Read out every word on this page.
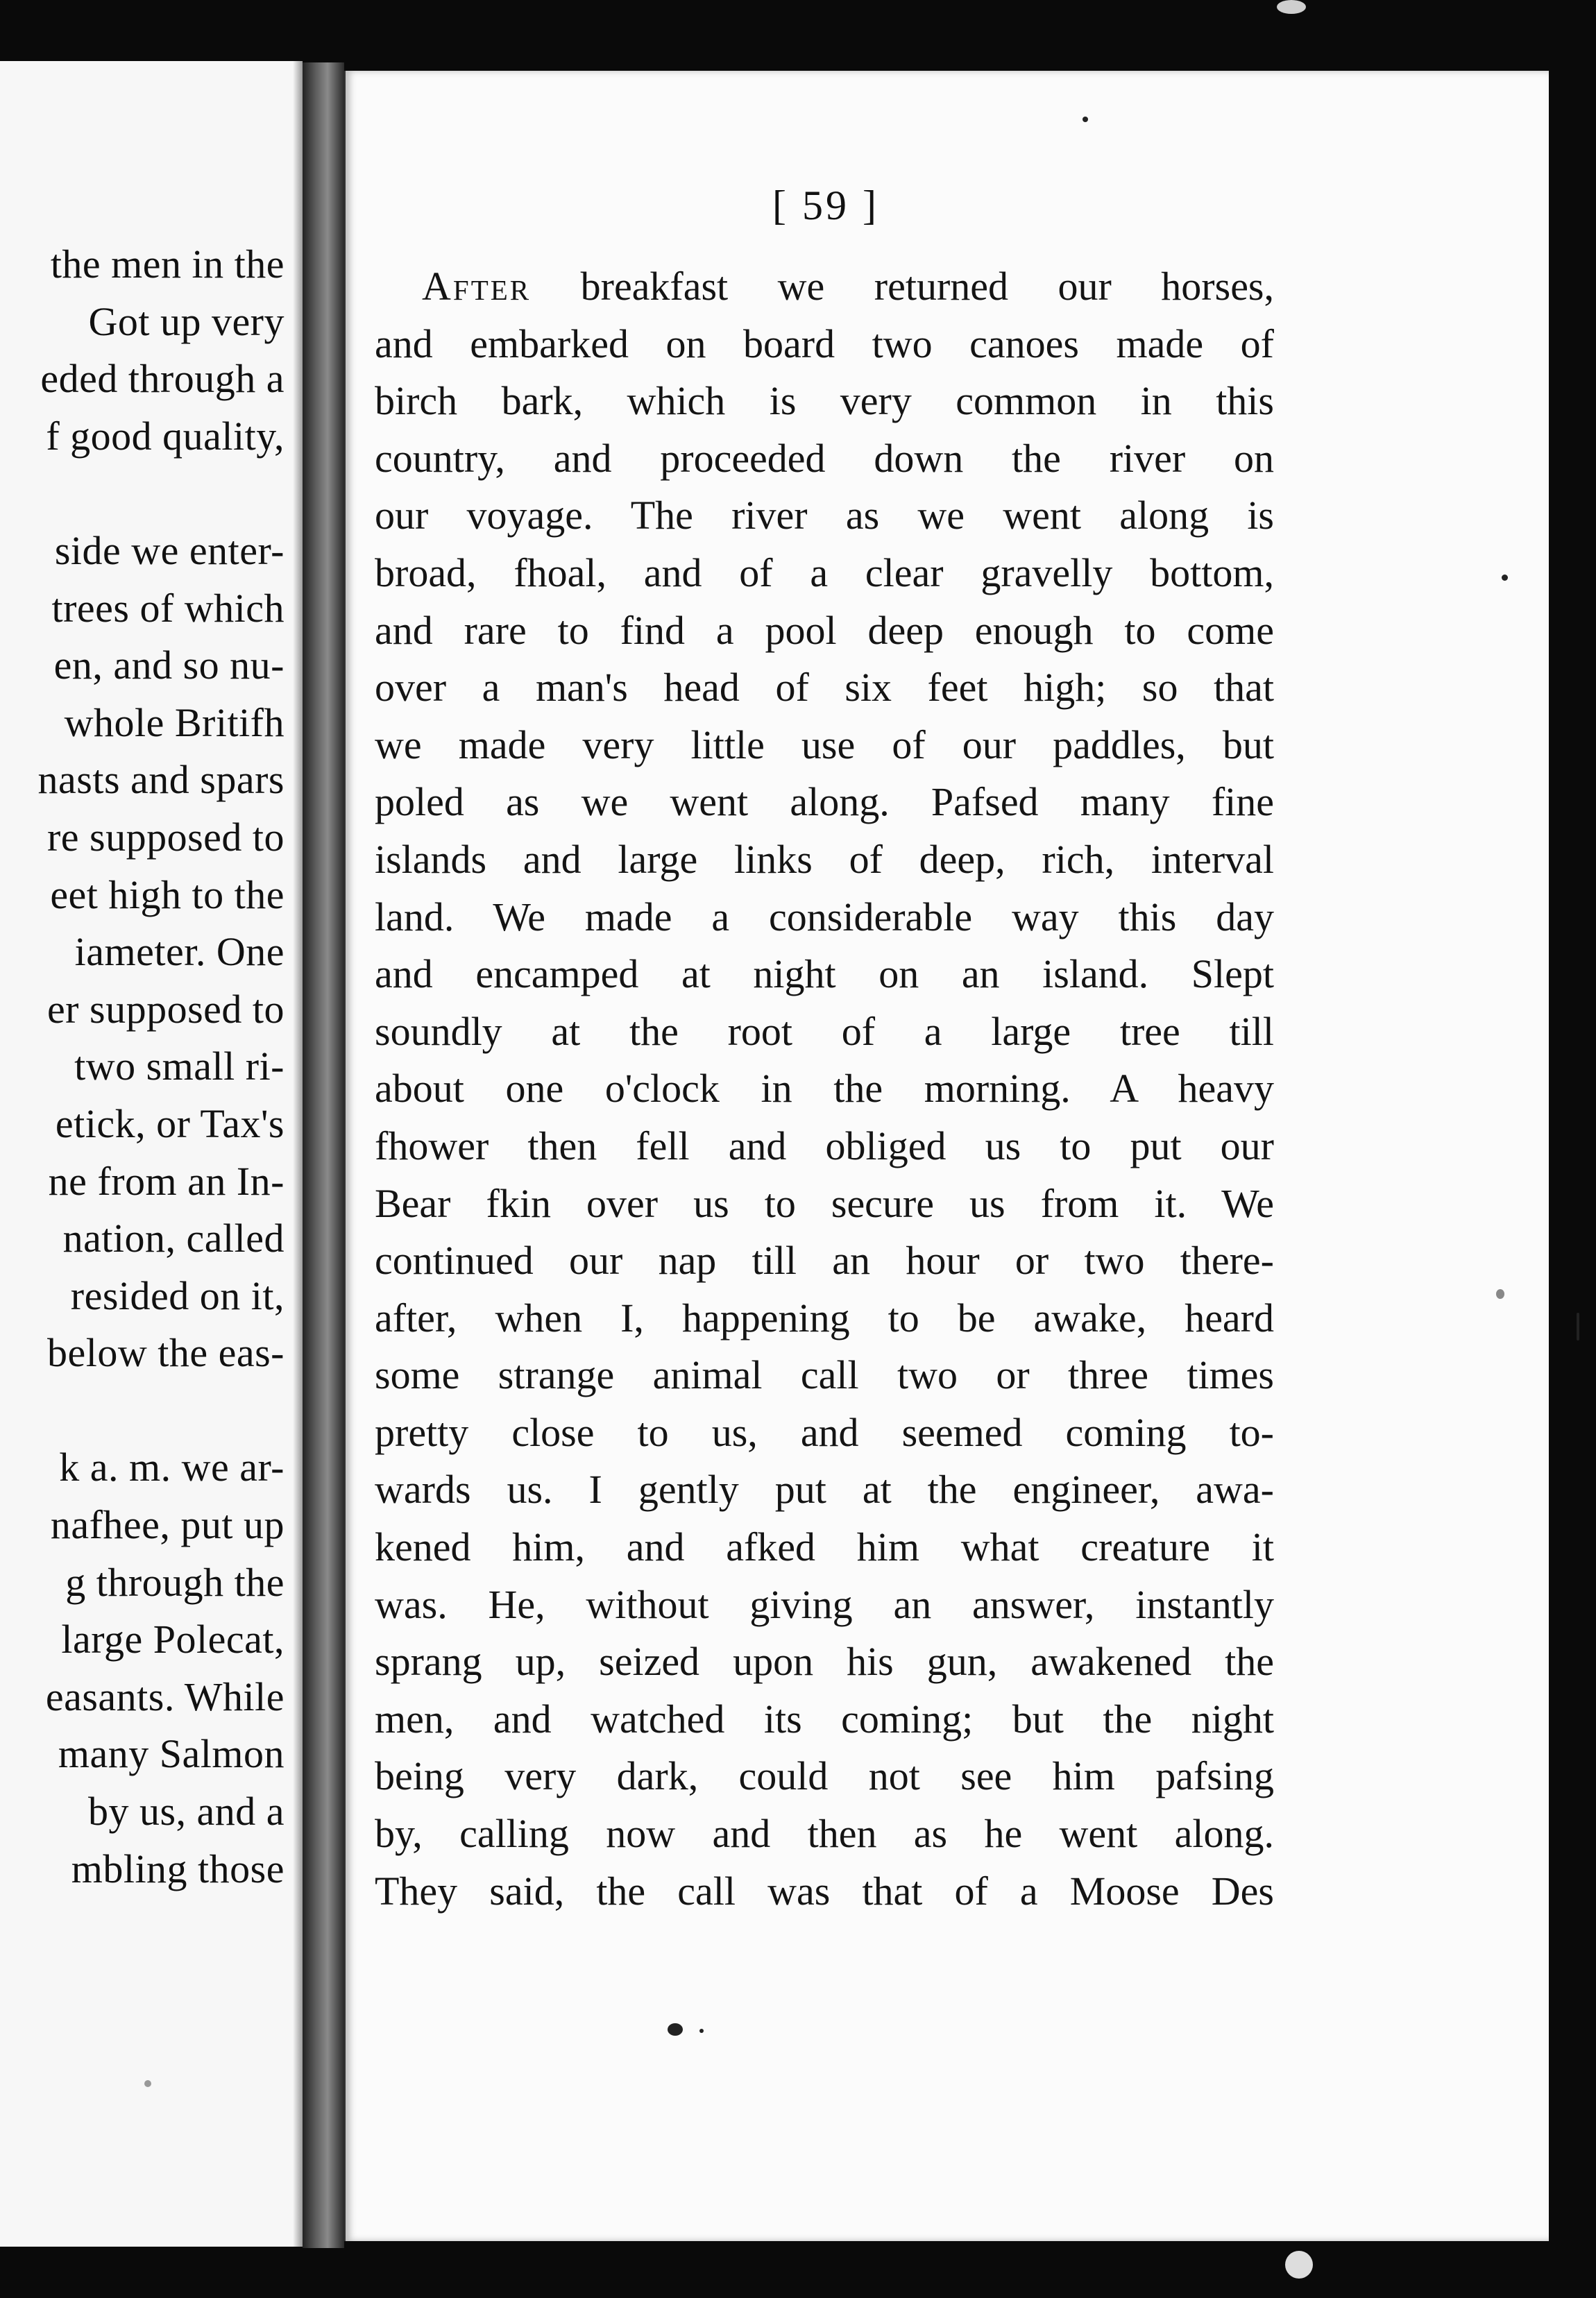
the men in the
Got up very
eded through a
f good quality,
side we enter-
trees of which
en, and so nu-
whole Britifh
nasts and spars
re supposed to
eet high to the
iameter. One
er supposed to
two small ri-
etick, or Tax's
ne from an In-
nation, called
resided on it,
below the eas-
k a. m. we ar-
nafhee, put up
g through the
large Polecat,
easants. While
many Salmon
by us, and a
mbling those
[ 59 ]
After breakfast we returned our horses,
and embarked on board two canoes made of
birch bark, which is very common in this
country, and proceeded down the river on
our voyage. The river as we went along is
broad, fhoal, and of a clear gravelly bottom,
and rare to find a pool deep enough to come
over a man's head of six feet high; so that
we made very little use of our paddles, but
poled as we went along. Pafsed many fine
islands and large links of deep, rich, interval
land. We made a considerable way this day
and encamped at night on an island. Slept
soundly at the root of a large tree till
about one o'clock in the morning. A heavy
fhower then fell and obliged us to put our
Bear fkin over us to secure us from it. We
continued our nap till an hour or two there-
after, when I, happening to be awake, heard
some strange animal call two or three times
pretty close to us, and seemed coming to-
wards us. I gently put at the engineer, awa-
kened him, and afked him what creature it
was. He, without giving an answer, instantly
sprang up, seized upon his gun, awakened the
men, and watched its coming; but the night
being very dark, could not see him pafsing
by, calling now and then as he went along.
They said, the call was that of a Moose Des
